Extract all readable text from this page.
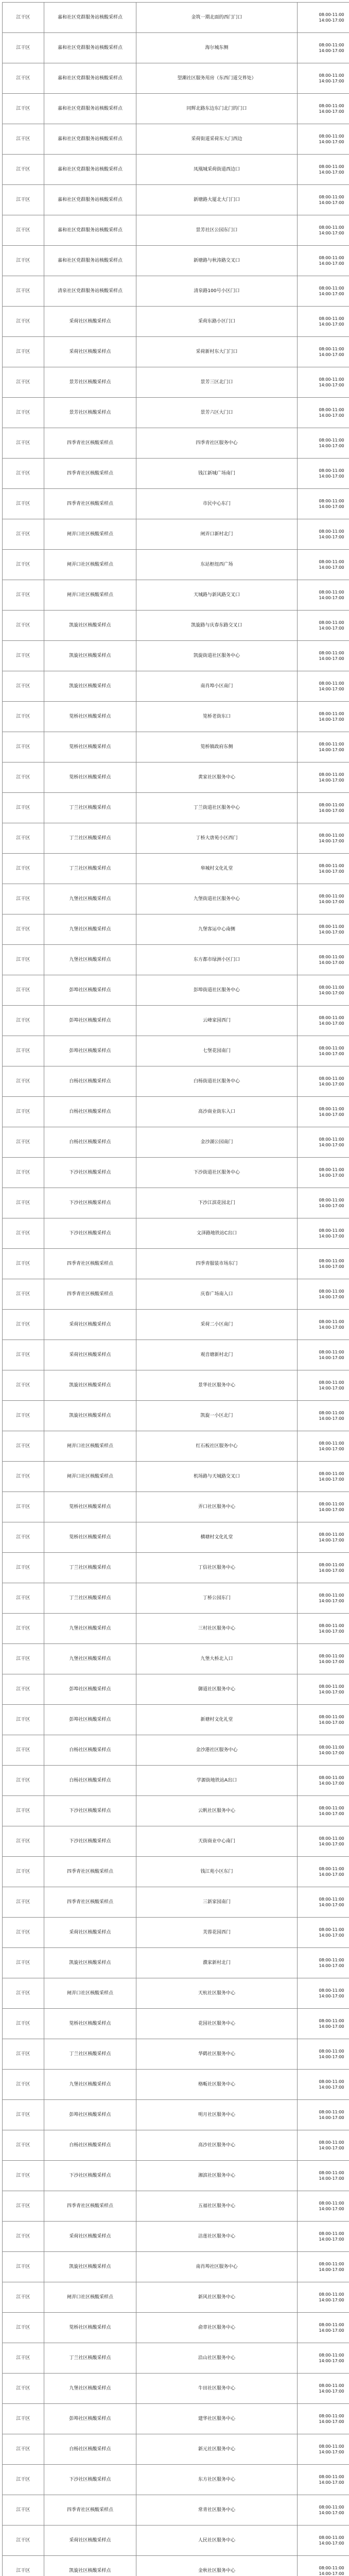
江干区	嘉和社区党群服务站核酸采样点	金筑一期北面的西门门口	08:00-11:00
14:00-17:00

江干区	嘉和社区党群服务站核酸采样点	海尔城东侧	08:00-11:00
14:00-17:00

江干区	嘉和社区党群服务站核酸采样点	望潮社区服务用房（东西门道交界处）	08:00-11:00
14:00-17:00

江干区	嘉和社区党群服务站核酸采样点	同辉北路东边东门北门的门口	08:00-11:00
14:00-17:00

江干区	嘉和社区党群服务站核酸采样点	采荷街道采荷东大门西边	08:00-11:00
14:00-17:00

江干区	嘉和社区党群服务站核酸采样点	凤凰城采荷街道西边口	08:00-11:00
14:00-17:00

江干区	嘉和社区党群服务站核酸采样点	新塘路大厦北大门门口	08:00-11:00
14:00-17:00

江干区	嘉和社区党群服务站核酸采样点	景芳社区公园东门口	08:00-11:00
14:00-17:00

江干区	嘉和社区党群服务站核酸采样点	新塘路与秋涛路交叉口	08:00-11:00
14:00-17:00

江干区	清泉社区党群服务站核酸采样点	清泉路100号小区门口	08:00-11:00
14:00-17:00

江干区	采荷社区核酸采样点	采荷东路小区门口	08:00-11:00
14:00-17:00

江干区	采荷社区核酸采样点	采荷新村东大门门口	08:00-11:00
14:00-17:00

江干区	景芳社区核酸采样点	景芳三区北门口	08:00-11:00
14:00-17:00

江干区	景芳社区核酸采样点	景芳六区大门口	08:00-11:00
14:00-17:00

江干区	四季青社区核酸采样点	四季青社区服务中心	08:00-11:00
14:00-17:00

江干区	四季青社区核酸采样点	钱江新城广场南门	08:00-11:00
14:00-17:00

江干区	四季青社区核酸采样点	市民中心东门	08:00-11:00
14:00-17:00

江干区	闸弄口社区核酸采样点	闸弄口新村北门	08:00-11:00
14:00-17:00

江干区	闸弄口社区核酸采样点	东站枢纽西广场	08:00-11:00
14:00-17:00

江干区	闸弄口社区核酸采样点	天城路与新风路交叉口	08:00-11:00
14:00-17:00

江干区	凯旋社区核酸采样点	凯旋路与庆春东路交叉口	08:00-11:00
14:00-17:00

江干区	凯旋社区核酸采样点	凯旋街道社区服务中心	08:00-11:00
14:00-17:00

江干区	凯旋社区核酸采样点	南肖埠小区南门	08:00-11:00
14:00-17:00

江干区	笕桥社区核酸采样点	笕桥老街东口	08:00-11:00
14:00-17:00

江干区	笕桥社区核酸采样点	笕桥镇政府东侧	08:00-11:00
14:00-17:00

江干区	笕桥社区核酸采样点	黄家社区服务中心	08:00-11:00
14:00-17:00

江干区	丁兰社区核酸采样点	丁兰街道社区服务中心	08:00-11:00
14:00-17:00

江干区	丁兰社区核酸采样点	丁桥大唐苑小区西门	08:00-11:00
14:00-17:00

江干区	丁兰社区核酸采样点	皋城村文化礼堂	08:00-11:00
14:00-17:00

江干区	九堡社区核酸采样点	九堡街道社区服务中心	08:00-11:00
14:00-17:00

江干区	九堡社区核酸采样点	九堡客运中心南侧	08:00-11:00
14:00-17:00

江干区	九堡社区核酸采样点	东方都市绿洲小区门口	08:00-11:00
14:00-17:00

江干区	彭埠社区核酸采样点	彭埠街道社区服务中心	08:00-11:00
14:00-17:00

江干区	彭埠社区核酸采样点	云峰家园西门	08:00-11:00
14:00-17:00

江干区	彭埠社区核酸采样点	七堡花园南门	08:00-11:00
14:00-17:00

江干区	白杨社区核酸采样点	白杨街道社区服务中心	08:00-11:00
14:00-17:00

江干区	白杨社区核酸采样点	高沙商业街东入口	08:00-11:00
14:00-17:00

江干区	白杨社区核酸采样点	金沙湖公园南门	08:00-11:00
14:00-17:00

江干区	下沙社区核酸采样点	下沙街道社区服务中心	08:00-11:00
14:00-17:00

江干区	下沙社区核酸采样点	下沙江滨花园北门	08:00-11:00
14:00-17:00

江干区	下沙社区核酸采样点	文泽路地铁站C出口	08:00-11:00
14:00-17:00

江干区	四季青社区核酸采样点	四季青服装市场东门	08:00-11:00
14:00-17:00

江干区	四季青社区核酸采样点	庆春广场南入口	08:00-11:00
14:00-17:00

江干区	采荷社区核酸采样点	采荷二小区南门	08:00-11:00
14:00-17:00

江干区	采荷社区核酸采样点	观音塘新村北门	08:00-11:00
14:00-17:00

江干区	凯旋社区核酸采样点	景华社区服务中心	08:00-11:00
14:00-17:00

江干区	凯旋社区核酸采样点	凯旋一小区北门	08:00-11:00
14:00-17:00

江干区	闸弄口社区核酸采样点	红石板社区服务中心	08:00-11:00
14:00-17:00

江干区	闸弄口社区核酸采样点	机场路与天城路交叉口	08:00-11:00
14:00-17:00

江干区	笕桥社区核酸采样点	弄口社区服务中心	08:00-11:00
14:00-17:00

江干区	笕桥社区核酸采样点	横塘村文化礼堂	08:00-11:00
14:00-17:00

江干区	丁兰社区核酸采样点	丁信社区服务中心	08:00-11:00
14:00-17:00

江干区	丁兰社区核酸采样点	丁桥公园东门	08:00-11:00
14:00-17:00

江干区	九堡社区核酸采样点	三村社区服务中心	08:00-11:00
14:00-17:00

江干区	九堡社区核酸采样点	九堡大桥北入口	08:00-11:00
14:00-17:00

江干区	彭埠社区核酸采样点	御道社区服务中心	08:00-11:00
14:00-17:00

江干区	彭埠社区核酸采样点	新塘村文化礼堂	08:00-11:00
14:00-17:00

江干区	白杨社区核酸采样点	金沙港社区服务中心	08:00-11:00
14:00-17:00

江干区	白杨社区核酸采样点	学源街地铁站A出口	08:00-11:00
14:00-17:00

江干区	下沙社区核酸采样点	云帆社区服务中心	08:00-11:00
14:00-17:00

江干区	下沙社区核酸采样点	天街商业中心南门	08:00-11:00
14:00-17:00

江干区	四季青社区核酸采样点	钱江苑小区东门	08:00-11:00
14:00-17:00

江干区	四季青社区核酸采样点	三新家园南门	08:00-11:00
14:00-17:00

江干区	采荷社区核酸采样点	芙蓉花园西门	08:00-11:00
14:00-17:00

江干区	凯旋社区核酸采样点	濮家新村北门	08:00-11:00
14:00-17:00

江干区	闸弄口社区核酸采样点	天杭社区服务中心	08:00-11:00
14:00-17:00

江干区	笕桥社区核酸采样点	花园社区服务中心	08:00-11:00
14:00-17:00

江干区	丁兰社区核酸采样点	华鹤社区服务中心	08:00-11:00
14:00-17:00

江干区	九堡社区核酸采样点	格畈社区服务中心	08:00-11:00
14:00-17:00

江干区	彭埠社区核酸采样点	明月社区服务中心	08:00-11:00
14:00-17:00

江干区	白杨社区核酸采样点	高沙社区服务中心	08:00-11:00
14:00-17:00

江干区	下沙社区核酸采样点	湘滨社区服务中心	08:00-11:00
14:00-17:00

江干区	四季青社区核酸采样点	五福社区服务中心	08:00-11:00
14:00-17:00

江干区	采荷社区核酸采样点	洁莲社区服务中心	08:00-11:00
14:00-17:00

江干区	凯旋社区核酸采样点	南肖埠社区服务中心	08:00-11:00
14:00-17:00

江干区	闸弄口社区核酸采样点	新风社区服务中心	08:00-11:00
14:00-17:00

江干区	笕桥社区核酸采样点	俞章社区服务中心	08:00-11:00
14:00-17:00

江干区	丁兰社区核酸采样点	沿山社区服务中心	08:00-11:00
14:00-17:00

江干区	九堡社区核酸采样点	牛田社区服务中心	08:00-11:00
14:00-17:00

江干区	彭埠社区核酸采样点	建华社区服务中心	08:00-11:00
14:00-17:00

江干区	白杨社区核酸采样点	新元社区服务中心	08:00-11:00
14:00-17:00

江干区	下沙社区核酸采样点	东方社区服务中心	08:00-11:00
14:00-17:00

江干区	四季青社区核酸采样点	常青社区服务中心	08:00-11:00
14:00-17:00

江干区	采荷社区核酸采样点	人民社区服务中心	08:00-11:00
14:00-17:00

江干区	凯旋社区核酸采样点	金秋社区服务中心	08:00-11:00
14:00-17:00
